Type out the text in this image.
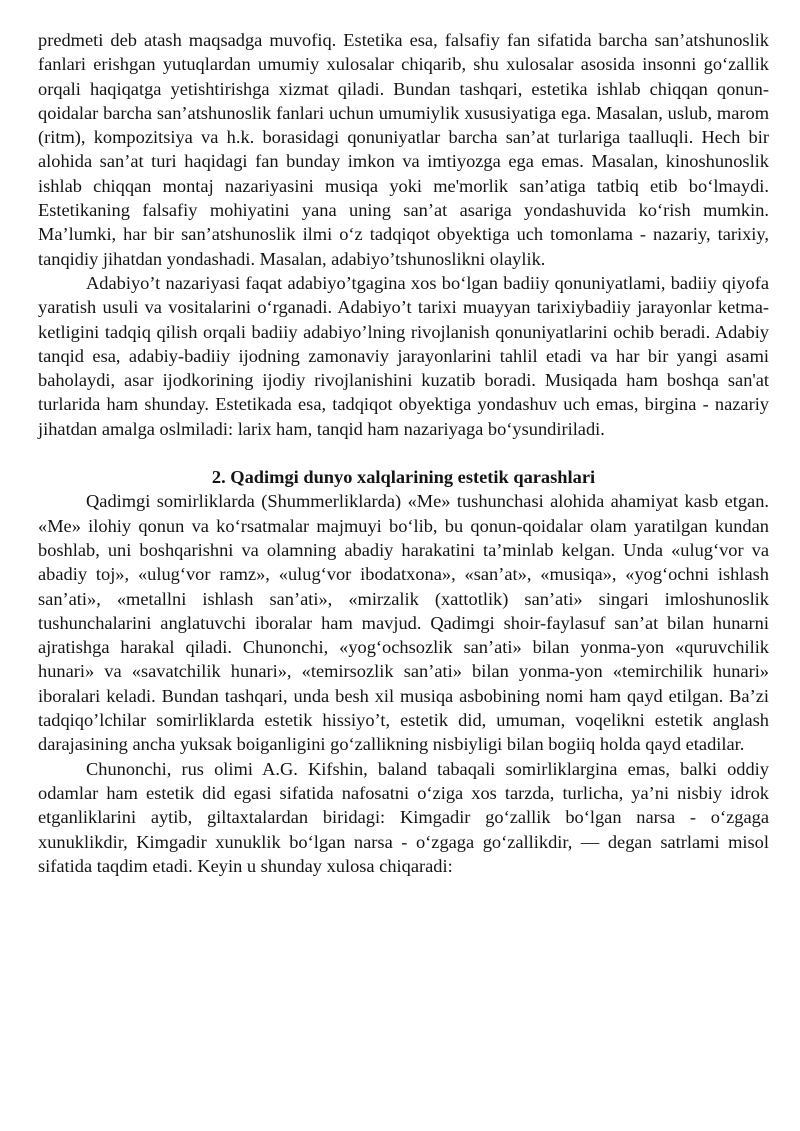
predmeti deb atash maqsadga muvofiq. Estetika esa, falsafiy fan sifatida barcha san’atshunoslik fanlari erishgan yutuqlardan umumiy xulosalar chiqarib, shu xulosalar asosida insonni go‘zallik orqali haqiqatga yetishtirishga xizmat qiladi. Bundan tashqari, estetika ishlab chiqqan qonun-qoidalar barcha san’atshunoslik fanlari uchun umumiylik xususiyatiga ega. Masalan, uslub, marom (ritm), kompozitsiya va h.k. borasidagi qonuniyatlar barcha san’at turlariga taalluqli. Hech bir alohida san’at turi haqidagi fan bunday imkon va imtiyozga ega emas. Masalan, kinoshunoslik ishlab chiqqan montaj nazariyasini musiqa yoki me'morlik san’atiga tatbiq etib bo‘lmaydi. Estetikaning falsafiy mohiyatini yana uning san’at asariga yondashuvida ko‘rish mumkin. Ma’lumki, har bir san’atshunoslik ilmi o‘z tadqiqot obyektiga uch tomonlama - nazariy, tarixiy, tanqidiy jihatdan yondashadi. Masalan, adabiyo’tshunoslikni olaylik.

Adabiyo’t nazariyasi faqat adabiyo’tgagina xos bo‘lgan badiiy qonuniyatlami, badiiy qiyofa yaratish usuli va vositalarini o‘rganadi. Adabiyo’t tarixi muayyan tarixiybadiiy jarayonlar ketma-ketligini tadqiq qilish orqali badiiy adabiyo’lning rivojlanish qonuniyatlarini ochib beradi. Adabiy tanqid esa, adabiy-badiiy ijodning zamonaviy jarayonlarini tahlil etadi va har bir yangi asami baholaydi, asar ijodkorining ijodiy rivojlanishini kuzatib boradi. Musiqada ham boshqa san'at turlarida ham shunday. Estetikada esa, tadqiqot obyektiga yondashuv uch emas, birgina - nazariy jihatdan amalga oslmiladi: larix ham, tanqid ham nazariyaga bo‘ysundiriladi.

2. Qadimgi dunyo xalqlarining estetik qarashlari

Qadimgi somirliklarda (Shummerliklarda) «Me» tushunchasi alohida ahamiyat kasb etgan. «Me» ilohiy qonun va ko‘rsatmalar majmuyi bo‘lib, bu qonun-qoidalar olam yaratilgan kundan boshlab, uni boshqarishni va olamning abadiy harakatini ta’minlab kelgan. Unda «ulug‘vor va abadiy toj», «ulug‘vor ramz», «ulug‘vor ibodatxona», «san’at», «musiqa», «yog‘ochni ishlash san’ati», «metallni ishlash san’ati», «mirzalik (xattotlik) san’ati» singari imloshunoslik tushunchalarini anglatuvchi iboralar ham mavjud. Qadimgi shoir-faylasuf san’at bilan hunarni ajratishga harakal qiladi. Chunonchi, «yog‘ochsozlik san’ati» bilan yonma-yon «quruvchilik hunari» va «savatchilik hunari», «temirsozlik san’ati» bilan yonma-yon «temirchilik hunari» iboralari keladi. Bundan tashqari, unda besh xil musiqa asbobining nomi ham qayd etilgan. Ba’zi tadqiqo’lchilar somirliklarda estetik hissiyo’t, estetik did, umuman, voqelikni estetik anglash darajasining ancha yuksak boiganligini go‘zallikning nisbiyligi bilan bogiiq holda qayd etadilar.

Chunonchi, rus olimi A.G. Kifshin, baland tabaqali somirliklargina emas, balki oddiy odamlar ham estetik did egasi sifatida nafosatni o‘ziga xos tarzda, turlicha, ya’ni nisbiy idrok etganliklarini aytib, giltaxtalardan biridagi: Kimgadir go‘zallik bo‘lgan narsa - o‘zgaga xunuklikdir, Kimgadir xunuklik bo‘lgan narsa - o‘zgaga go‘zallikdir, — degan satrlami misol sifatida taqdim etadi. Keyin u shunday xulosa chiqaradi:
